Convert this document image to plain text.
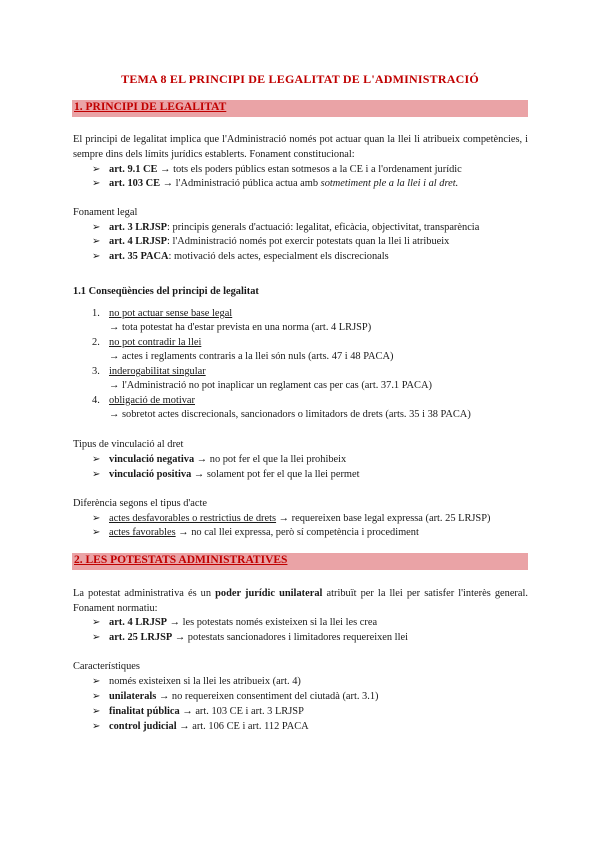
TEMA 8 EL PRINCIPI DE LEGALITAT DE L'ADMINISTRACIÓ
1. PRINCIPI DE LEGALITAT
El principi de legalitat implica que l'Administració només pot actuar quan la llei li atribueix competències, i sempre dins dels límits jurídics establerts. Fonament constitucional:
➢ art. 9.1 CE → tots els poders públics estan sotmesos a la CE i a l'ordenament jurídic
➢ art. 103 CE → l'Administració pública actua amb sotmetiment ple a la llei i al dret.
Fonament legal
➢ art. 3 LRJSP: principis generals d'actuació: legalitat, eficàcia, objectivitat, transparència
➢ art. 4 LRJSP: l'Administració només pot exercir potestats quan la llei li atribueix
➢ art. 35 PACA: motivació dels actes, especialment els discrecionals
1.1 Conseqüències del principi de legalitat
1. no pot actuar sense base legal
→ tota potestat ha d'estar prevista en una norma (art. 4 LRJSP)
2. no pot contradir la llei
→ actes i reglaments contraris a la llei són nuls (arts. 47 i 48 PACA)
3. inderogabilitat singular
→ l'Administració no pot inaplicar un reglament cas per cas (art. 37.1 PACA)
4. obligació de motivar
→ sobretot actes discrecionals, sancionadors o limitadors de drets (arts. 35 i 38 PACA)
Tipus de vinculació al dret
➢ vinculació negativa → no pot fer el que la llei prohibeix
➢ vinculació positiva → solament pot fer el que la llei permet
Diferència segons el tipus d'acte
➢ actes desfavorables o restrictius de drets → requereixen base legal expressa (art. 25 LRJSP)
➢ actes favorables → no cal llei expressa, però sí competència i procediment
2. LES POTESTATS ADMINISTRATIVES
La potestat administrativa és un poder jurídic unilateral atribuït per la llei per satisfer l'interès general. Fonament normatiu:
➢ art. 4 LRJSP → les potestats només existeixen si la llei les crea
➢ art. 25 LRJSP → potestats sancionadores i limitadores requereixen llei
Característiques
➢ només existeixen si la llei les atribueix (art. 4)
➢ unilaterals → no requereixen consentiment del ciutadà (art. 3.1)
➢ finalitat pública → art. 103 CE i art. 3 LRJSP
➢ control judicial → art. 106 CE i art. 112 PACA
